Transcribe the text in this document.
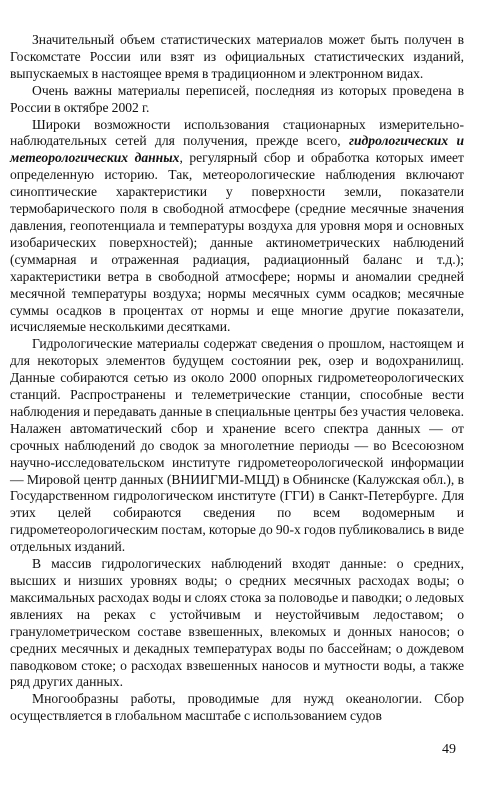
Значительный объем статистических материалов может быть получен в Госкомстате России или взят из официальных статистических изданий, выпускаемых в настоящее время в традиционном и электронном видах.

Очень важны материалы переписей, последняя из которых проведена в России в октябре 2002 г.

Широки возможности использования стационарных измерительно-наблюдательных сетей для получения, прежде всего, гидрологических и метеорологических данных, регулярный сбор и обработка которых имеет определенную историю. Так, метеорологические наблюдения включают синоптические характеристики у поверхности земли, показатели термобарического поля в свободной атмосфере (средние месячные значения давления, геопотенциала и температуры воздуха для уровня моря и основных изобарических поверхностей); данные актинометрических наблюдений (суммарная и отраженная радиация, радиационный баланс и т.д.); характеристики ветра в свободной атмосфере; нормы и аномалии средней месячной температуры воздуха; нормы месячных сумм осадков; месячные суммы осадков в процентах от нормы и еще многие другие показатели, исчисляемые несколькими десятками.

Гидрологические материалы содержат сведения о прошлом, настоящем и для некоторых элементов будущем состоянии рек, озер и водохранилищ. Данные собираются сетью из около 2000 опорных гидрометеорологических станций. Распространены и телеметрические станции, способные вести наблюдения и передавать данные в специальные центры без участия человека. Налажен автоматический сбор и хранение всего спектра данных — от срочных наблюдений до сводок за многолетние периоды — во Всесоюзном научно-исследовательском институте гидрометеорологической информации — Мировой центр данных (ВНИИГМИ-МЦД) в Обнинске (Калужская обл.), в Государственном гидрологическом институте (ГГИ) в Санкт-Петербурге. Для этих целей собираются сведения по всем водомерным и гидрометеорологическим постам, которые до 90-х годов публиковались в виде отдельных изданий.

В массив гидрологических наблюдений входят данные: о средних, высших и низших уровнях воды; о средних месячных расходах воды; о максимальных расходах воды и слоях стока за половодье и паводки; о ледовых явлениях на реках с устойчивым и неустойчивым ледоставом; о гранулометрическом составе взвешенных, влекомых и донных наносов; о средних месячных и декадных температурах воды по бассейнам; о дождевом паводковом стоке; о расходах взвешенных наносов и мутности воды, а также ряд других данных.

Многообразны работы, проводимые для нужд океанологии. Сбор осуществляется в глобальном масштабе с использованием судов

49
